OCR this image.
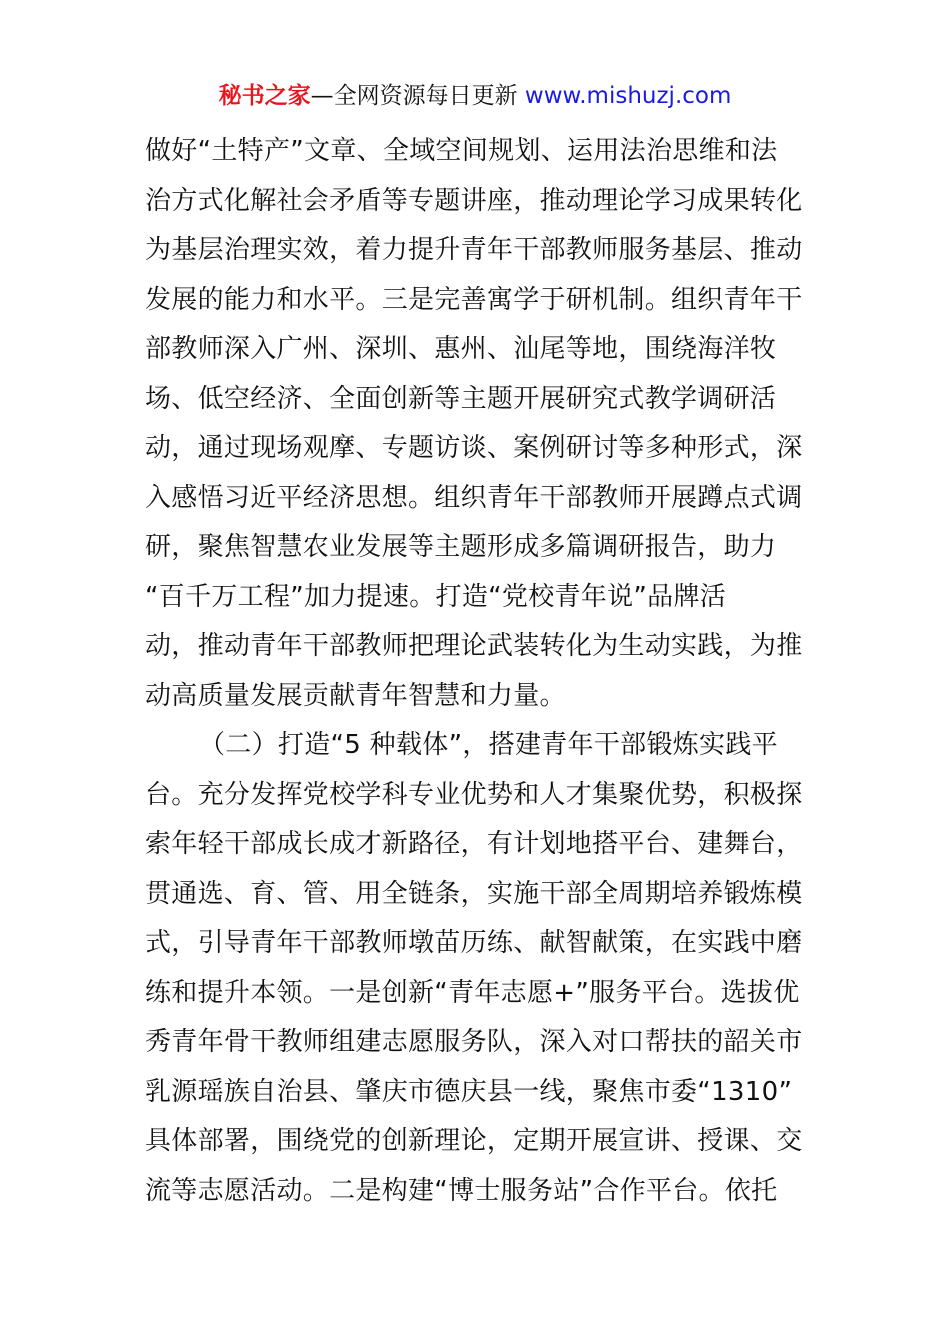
秘书之家—全网资源每日更新 www.mishuzj.com
做好“土特产”文章、全域空间规划、运用法治思维和法
治方式化解社会矛盾等专题讲座，推动理论学习成果转化
为基层治理实效，着力提升青年干部教师服务基层、推动
发展的能力和水平。三是完善寓学于研机制。组织青年干
部教师深入广州、深圳、惠州、汕尾等地，围绕海洋牧
场、低空经济、全面创新等主题开展研究式教学调研活
动，通过现场观摩、专题访谈、案例研讨等多种形式，深
入感悟习近平经济思想。组织青年干部教师开展蹲点式调
研，聚焦智慧农业发展等主题形成多篇调研报告，助力
“百千万工程”加力提速。打造“党校青年说”品牌活
动，推动青年干部教师把理论武装转化为生动实践，为推
动高质量发展贡献青年智慧和力量。
（二）打造“5 种载体”，搭建青年干部锻炼实践平
台。充分发挥党校学科专业优势和人才集聚优势，积极探
索年轻干部成长成才新路径，有计划地搭平台、建舞台，
贯通选、育、管、用全链条，实施干部全周期培养锻炼模
式，引导青年干部教师墩苗历练、献智献策，在实践中磨
练和提升本领。一是创新“青年志愿+”服务平台。选拔优
秀青年骨干教师组建志愿服务队，深入对口帮扶的韶关市
乳源瑶族自治县、肇庆市德庆县一线，聚焦市委“1310”
具体部署，围绕党的创新理论，定期开展宣讲、授课、交
流等志愿活动。二是构建“博士服务站”合作平台。依托
